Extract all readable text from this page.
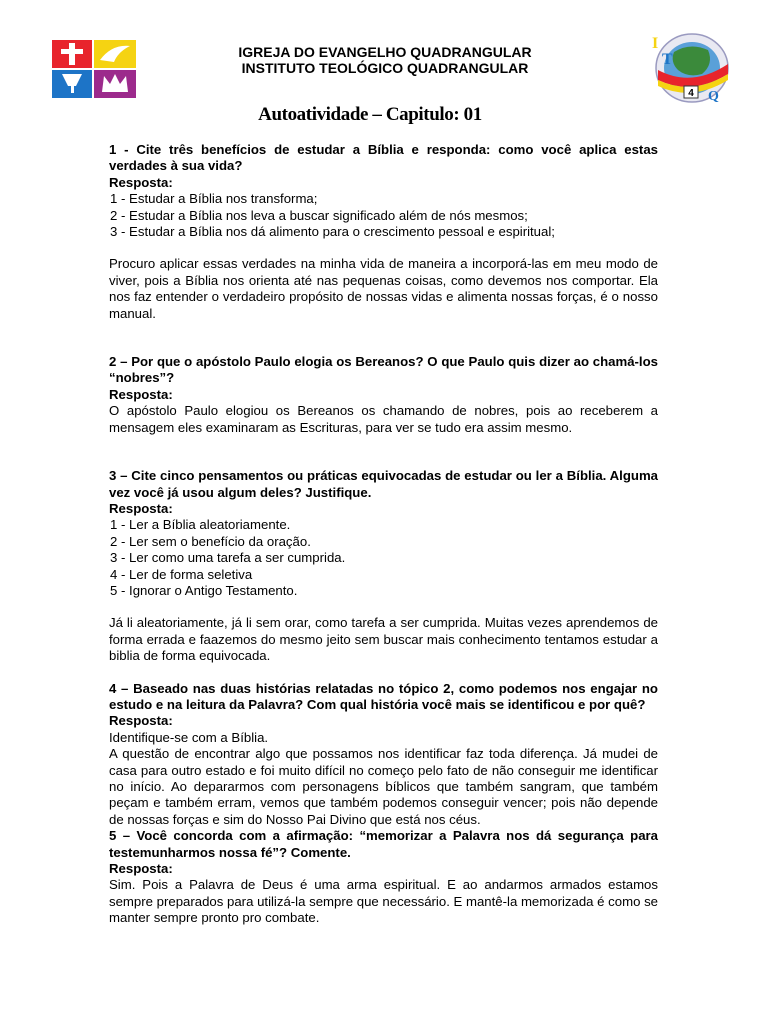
IGREJA DO EVANGELHO QUADRANGULAR
INSTITUTO TEOLÓGICO QUADRANGULAR
I
T
Q
4
Autoatividade – Capitulo: 01

1 - Cite três benefícios de estudar a Bíblia e responda: como você aplica estas verdades à sua vida?

Resposta:

1 - Estudar a Bíblia nos transforma;

2 - Estudar a Bíblia nos leva a buscar significado além de nós mesmos;

3 - Estudar a Bíblia nos dá alimento para o crescimento pessoal e espiritual;

Procuro aplicar essas verdades na minha vida de maneira a incorporá-las em meu modo de viver, pois a Bíblia nos orienta até nas pequenas coisas, como devemos nos comportar. Ela nos faz entender o verdadeiro propósito de nossas vidas e alimenta nossas forças, é o nosso manual.

2 – Por que o apóstolo Paulo elogia os Bereanos? O que Paulo quis dizer ao chamá-los “nobres”?

Resposta:

O apóstolo Paulo elogiou os Bereanos os chamando de nobres, pois ao receberem a mensagem eles examinaram as Escrituras, para ver se tudo era assim mesmo.

3 – Cite cinco pensamentos ou práticas equivocadas de estudar ou ler a Bíblia. Alguma vez você já usou algum deles? Justifique.

Resposta:

1 - Ler a Bíblia aleatoriamente.

2 - Ler sem o benefício da oração.

3 - Ler como uma tarefa a ser cumprida.

4 - Ler de forma seletiva

5 - Ignorar o Antigo Testamento.

Já li aleatoriamente, já li sem orar, como tarefa a ser cumprida. Muitas vezes aprendemos de forma errada e faazemos do mesmo jeito sem buscar mais conhecimento tentamos estudar a biblia de forma equivocada.

4 – Baseado nas duas histórias relatadas no tópico 2, como podemos nos engajar no estudo e na leitura da Palavra? Com qual história você mais se identificou e por quê?

Resposta:

Identifique-se com a Bíblia.

A questão de encontrar algo que possamos nos identificar faz toda diferença. Já mudei de casa para outro estado e foi muito difícil no começo pelo fato de não conseguir me identificar no início. Ao depararmos com personagens bíblicos que também sangram, que também peçam e também erram, vemos que também podemos conseguir vencer; pois não depende de nossas forças e sim do Nosso Pai Divino que está nos céus.

5 – Você concorda com a afirmação: “memorizar a Palavra nos dá segurança para testemunharmos nossa fé”? Comente.

Resposta:

Sim. Pois a Palavra de Deus é uma arma espiritual. E ao andarmos armados estamos sempre preparados para utilizá-la sempre que necessário. E mantê-la memorizada é como se manter sempre pronto pro combate.
